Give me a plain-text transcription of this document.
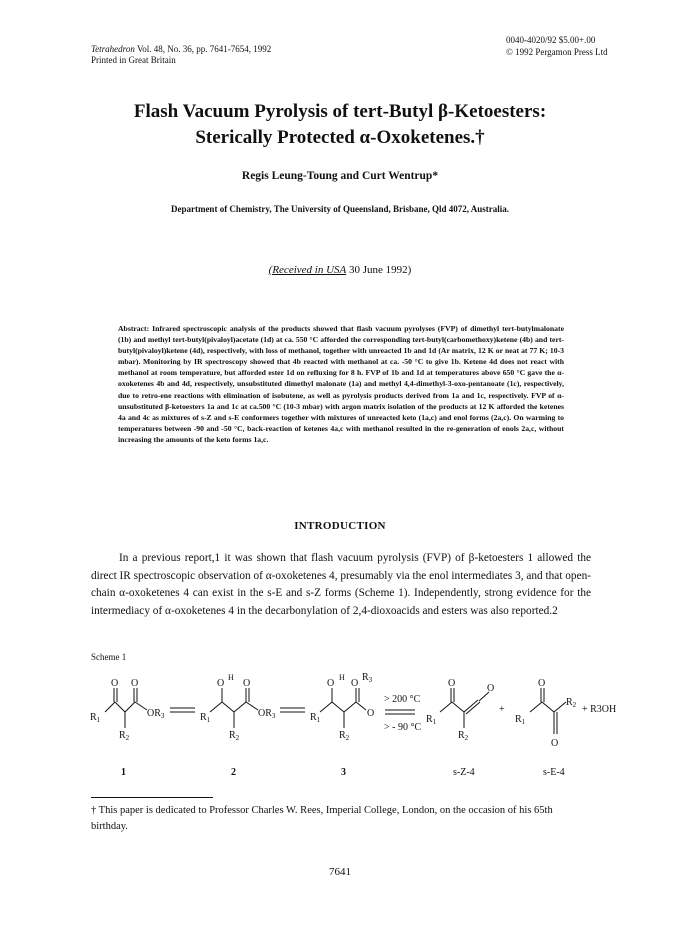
Tetrahedron Vol. 48, No. 36, pp. 7641-7654, 1992
Printed in Great Britain
0040-4020/92 $5.00+.00
© 1992 Pergamon Press Ltd
Flash Vacuum Pyrolysis of tert-Butyl β-Ketoesters:
Sterically Protected α-Oxoketenes.†
Regis Leung-Toung and Curt Wentrup*
Department of Chemistry, The University of Queensland, Brisbane, Qld 4072, Australia.
(Received in USA 30 June 1992)

Abstract: Infrared spectroscopic analysis of the products showed that flash vacuum pyrolyses (FVP) of dimethyl tert-butylmalonate (1b) and methyl tert-butyl(pivaloyl)acetate (1d) at ca. 550 °C afforded the corresponding tert-butyl(carbomethoxy)ketene (4b) and tert-butyl(pivaloyl)ketene (4d), respectively, with loss of methanol, together with unreacted 1b and 1d (Ar matrix, 12 K or neat at 77 K; 10-3 mbar). Monitoring by IR spectroscopy showed that 4b reacted with methanol at ca. -50 °C to give 1b. Ketene 4d does not react with methanol at room temperature, but afforded ester 1d on refluxing for 8 h. FVP of 1b and 1d at temperatures above 650 °C gave the α-oxoketenes 4b and 4d, respectively, unsubstituted dimethyl malonate (1a) and methyl 4,4-dimethyl-3-oxo-pentanoate (1c), respectively, due to retro-ene reactions with elimination of isobutene, as well as pyrolysis products derived from 1a and 1c, respectively. FVP of α-unsubstituted β-ketoesters 1a and 1c at ca.500 °C (10-3 mbar) with argon matrix isolation of the products at 12 K afforded the ketenes 4a and 4c as mixtures of s-Z and s-E conformers together with mixtures of unreacted keto (1a,c) and enol forms (2a,c). On warming to temperatures between -90 and -50 °C, back-reaction of ketenes 4a,c with methanol resulted in the re-generation of enols 2a,c, without increasing the amounts of the keto forms 1a,c.

INTRODUCTION

In a previous report,1 it was shown that flash vacuum pyrolysis (FVP) of β-ketoesters 1 allowed the direct IR spectroscopic observation of α-oxoketenes 4, presumably via the enol intermediates 3, and that open-chain α-oxoketenes 4 can exist in the s-E and s-Z forms (Scheme 1). Independently, strong evidence for the intermediacy of α-oxoketenes 4 in the decarbonylation of 2,4-dioxoacids and esters was also reported.2

Scheme 1
$R_1$
O O
$OR_3$
$R_2$
$R_1$
O O
H
$OR_3$
$R_2$
$R_1$
O O
H $R_3$
O
$R_2$
> 200 °C
> - 90 °C
$R_1$
O	O
$R_2$
+
$R_1$
O
$R_2$
O
+ R3OH
1	2	3	s-Z-4	s-E-4
† This paper is dedicated to Professor Charles W. Rees, Imperial College, London, on the occasion of his 65th birthday.
7641
